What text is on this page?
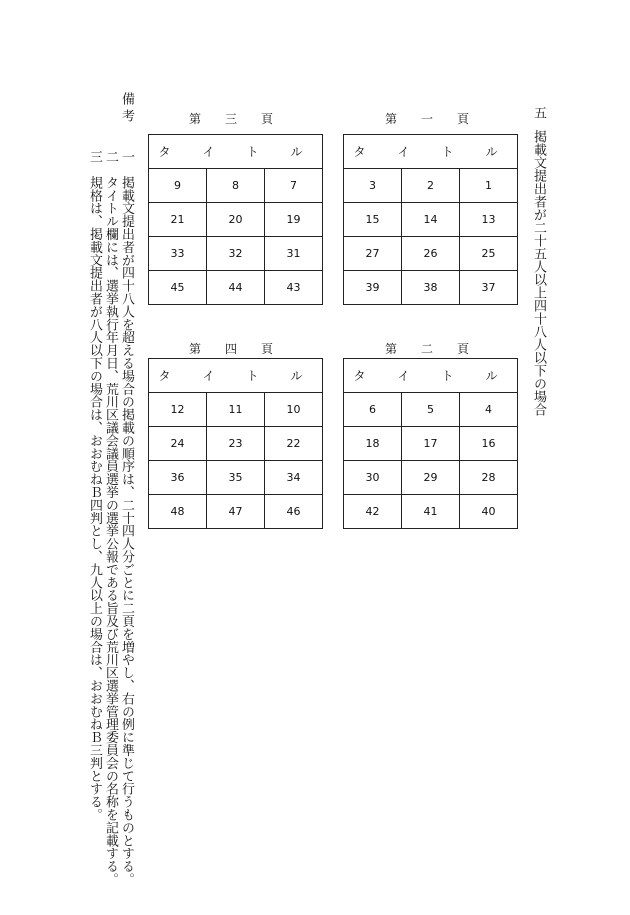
五
掲載文提出者が二十五人以上四十八人以下の場合
第　一　頁
第　三　頁
第　二　頁
第　四　頁
タ　イ　ト　ル		
3	2	1
15	14	13
27	26	25
39	38	37
タ　イ　ト　ル		
9	8	7
21	20	19
33	32	31
45	44	43
タ　イ　ト　ル		
6	5	4
18	17	16
30	29	28
42	41	40
タ　イ　ト　ル		
12	11	10
24	23	22
36	35	34
48	47	46
備考
一
掲載文提出者が四十八人を超える場合の掲載の順序は、二十四人分ごとに二頁を増やし、右の例に準じて行うものとする。
二
タイトル欄には、選挙執行年月日、荒川区議会議員選挙の選挙公報である旨及び荒川区選挙管理委員会の名称を記載する。
三
規格は、掲載文提出者が八人以下の場合は、おおむねＢ四判とし、九人以上の場合は、おおむねＢ三判とする。
